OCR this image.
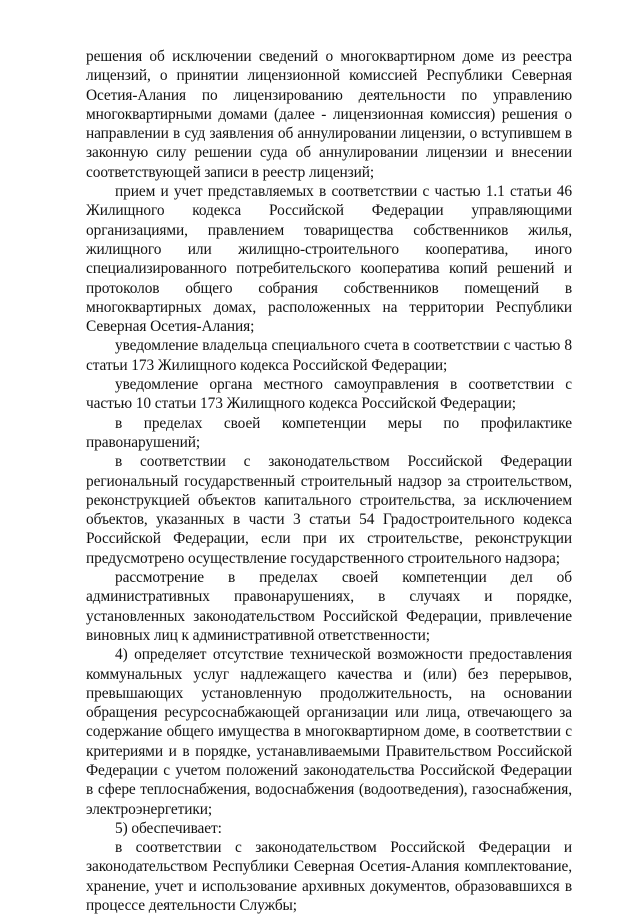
решения об исключении сведений о многоквартирном доме из реестра лицензий, о принятии лицензионной комиссией Республики Северная Осетия-Алания по лицензированию деятельности по управлению многоквартирными домами (далее - лицензионная комиссия) решения о направлении в суд заявления об аннулировании лицензии, о вступившем в законную силу решении суда об аннулировании лицензии и внесении соответствующей записи в реестр лицензий;

прием и учет представляемых в соответствии с частью 1.1 статьи 46 Жилищного кодекса Российской Федерации управляющими организациями, правлением товарищества собственников жилья, жилищного или жилищно-строительного кооператива, иного специализированного потребительского кооператива копий решений и протоколов общего собрания собственников помещений в многоквартирных домах, расположенных на территории Республики Северная Осетия-Алания;

уведомление владельца специального счета в соответствии с частью 8 статьи 173 Жилищного кодекса Российской Федерации;

уведомление органа местного самоуправления в соответствии с частью 10 статьи 173 Жилищного кодекса Российской Федерации;

в пределах своей компетенции меры по профилактике правонарушений;

в соответствии с законодательством Российской Федерации региональный государственный строительный надзор за строительством, реконструкцией объектов капитального строительства, за исключением объектов, указанных в части 3 статьи 54 Градостроительного кодекса Российской Федерации, если при их строительстве, реконструкции предусмотрено осуществление государственного строительного надзора;

рассмотрение в пределах своей компетенции дел об административных правонарушениях, в случаях и порядке, установленных законодательством Российской Федерации, привлечение виновных лиц к административной ответственности;

4) определяет отсутствие технической возможности предоставления коммунальных услуг надлежащего качества и (или) без перерывов, превышающих установленную продолжительность, на основании обращения ресурсоснабжающей организации или лица, отвечающего за содержание общего имущества в многоквартирном доме, в соответствии с критериями и в порядке, устанавливаемыми Правительством Российской Федерации с учетом положений законодательства Российской Федерации в сфере теплоснабжения, водоснабжения (водоотведения), газоснабжения, электроэнергетики;

5) обеспечивает:

в соответствии с законодательством Российской Федерации и законодательством Республики Северная Осетия-Алания комплектование, хранение, учет и использование архивных документов, образовавшихся в процессе деятельности Службы;
